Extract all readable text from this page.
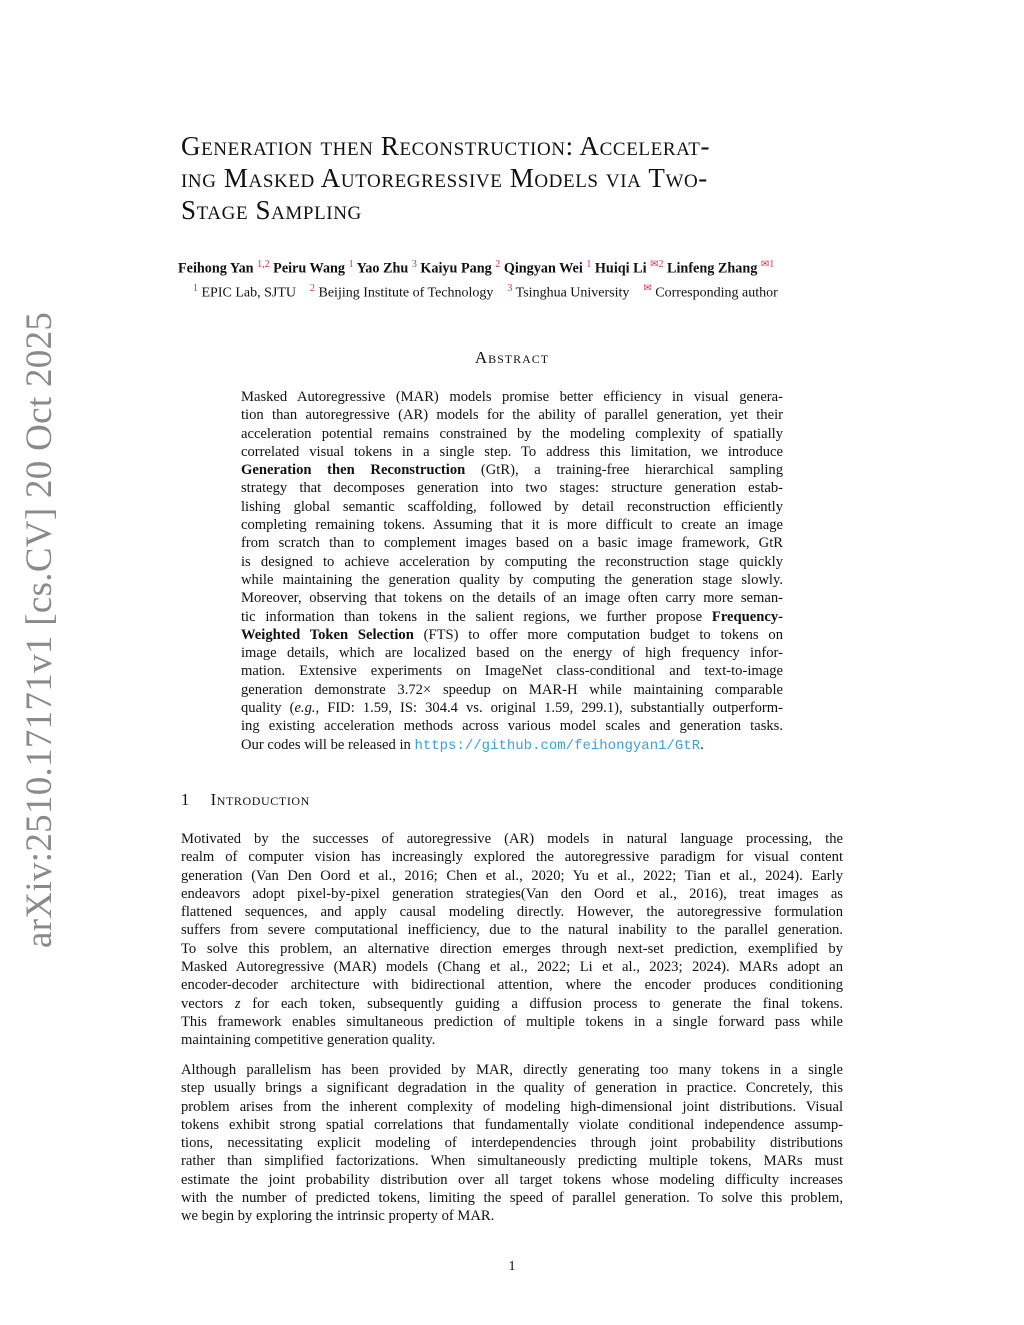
arXiv:2510.17171v1 [cs.CV] 20 Oct 2025
Generation then Reconstruction: Accelerat-
ing Masked Autoregressive Models via Two-
Stage Sampling
Feihong Yan $^{1,2}$ Peiru Wang $^1$ Yao Zhu $^3$ Kaiyu Pang $^2$ Qingyan Wei $^1$ Huiqi Li $^{✉2}$ Linfeng Zhang $^{✉1}$
$^1$ EPIC Lab, SJTU $^2$ Beijing Institute of Technology $^3$ Tsinghua University ✉ Corresponding author
Abstract
Masked Autoregressive (MAR) models promise better efficiency in visual genera-
tion than autoregressive (AR) models for the ability of parallel generation, yet their
acceleration potential remains constrained by the modeling complexity of spatially
correlated visual tokens in a single step. To address this limitation, we introduce
Generation then Reconstruction (GtR), a training-free hierarchical sampling
strategy that decomposes generation into two stages: structure generation estab-
lishing global semantic scaffolding, followed by detail reconstruction efficiently
completing remaining tokens. Assuming that it is more difficult to create an image
from scratch than to complement images based on a basic image framework, GtR
is designed to achieve acceleration by computing the reconstruction stage quickly
while maintaining the generation quality by computing the generation stage slowly.
Moreover, observing that tokens on the details of an image often carry more seman-
tic information than tokens in the salient regions, we further propose Frequency-
Weighted Token Selection (FTS) to offer more computation budget to tokens on
image details, which are localized based on the energy of high frequency infor-
mation. Extensive experiments on ImageNet class-conditional and text-to-image
generation demonstrate 3.72× speedup on MAR-H while maintaining comparable
quality (e.g., FID: 1.59, IS: 304.4 vs. original 1.59, 299.1), substantially outperform-
ing existing acceleration methods across various model scales and generation tasks.
Our codes will be released in https://github.com/feihongyan1/GtR.
1 Introduction
Motivated by the successes of autoregressive (AR) models in natural language processing, the
realm of computer vision has increasingly explored the autoregressive paradigm for visual content
generation (Van Den Oord et al., 2016; Chen et al., 2020; Yu et al., 2022; Tian et al., 2024). Early
endeavors adopt pixel-by-pixel generation strategies(Van den Oord et al., 2016), treat images as
flattened sequences, and apply causal modeling directly. However, the autoregressive formulation
suffers from severe computational inefficiency, due to the natural inability to the parallel generation.
To solve this problem, an alternative direction emerges through next-set prediction, exemplified by
Masked Autoregressive (MAR) models (Chang et al., 2022; Li et al., 2023; 2024). MARs adopt an
encoder-decoder architecture with bidirectional attention, where the encoder produces conditioning
vectors z for each token, subsequently guiding a diffusion process to generate the final tokens.
This framework enables simultaneous prediction of multiple tokens in a single forward pass while
maintaining competitive generation quality.
Although parallelism has been provided by MAR, directly generating too many tokens in a single
step usually brings a significant degradation in the quality of generation in practice. Concretely, this
problem arises from the inherent complexity of modeling high-dimensional joint distributions. Visual
tokens exhibit strong spatial correlations that fundamentally violate conditional independence assump-
tions, necessitating explicit modeling of interdependencies through joint probability distributions
rather than simplified factorizations. When simultaneously predicting multiple tokens, MARs must
estimate the joint probability distribution over all target tokens whose modeling difficulty increases
with the number of predicted tokens, limiting the speed of parallel generation. To solve this problem,
we begin by exploring the intrinsic property of MAR.
1
